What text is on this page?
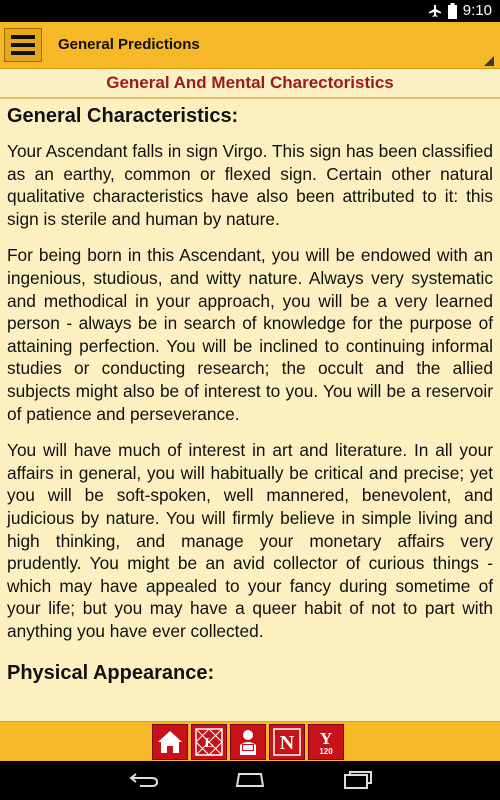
9:10
General Predictions
General And Mental Charectoristics
General Characteristics:

Your Ascendant falls in sign Virgo. This sign has been classified as an earthy, common or flexed sign. Certain other natural qualitative characteristics have also been attributed to it: this sign is sterile and human by nature.

For being born in this Ascendant, you will be endowed with an ingenious, studious, and witty nature. Always very systematic and methodical in your approach, you will be a very learned person - always be in search of knowledge for the purpose of attaining perfection. You will be inclined to continuing informal studies or conducting research; the occult and the allied subjects might also be of interest to you. You will be a reservoir of patience and perseverance.

You will have much of interest in art and literature. In all your affairs in general, you will habitually be critical and precise; yet you will be soft-spoken, well mannered, benevolent, and judicious by nature. You will firmly believe in simple living and high thinking, and manage your monetary affairs very prudently. You might be an avid collector of curious things - which may have appealed to your fancy during sometime of your life; but you may have a queer habit of not to part with anything you have ever collected.

Physical Appearance:
L	N Y
120
